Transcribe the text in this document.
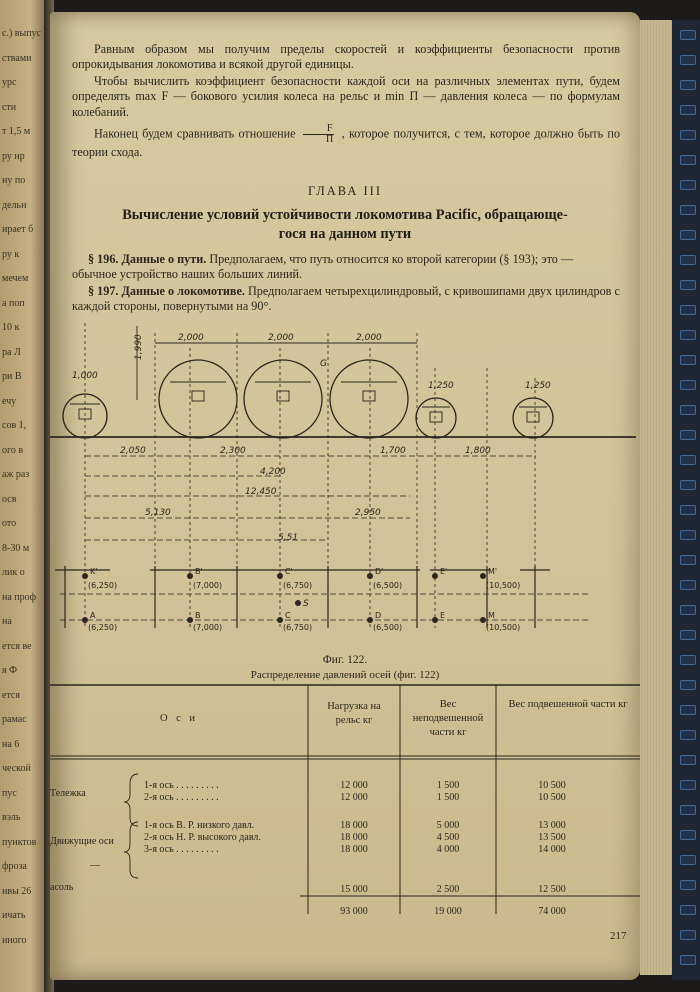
с.) выпус
ствами
урс
сти
т 1,5 м
ру нр
ну по
дельн
ирает б
ру к
мечем
а поп
10 к
ра Л
ри В
ечу
сов 1,
ого в
аж раз
осв
ото
8-30 м
лик о
на проф
на
ется ве
я Ф
ется
рамас
на 6
ческой
пус
вэль
пунктов
фроза
нвы 26
ичать
иного

Равным образом мы получим пределы скоростей и коэффициенты безопасности против опрокидывания локомотива и всякой другой единицы.

Чтобы вычислить коэффициент безопасности каждой оси на различных элементах пути, будем определять max F — бокового усилия колеса на рельс и min П — давления колеса — по формулам колебаний.

Наконец будем сравнивать отношение	F
П , которое получится, с тем, которое должно быть по теории схода.

ГЛАВА III
Вычисление условий устойчивости локомотива Pacific, обращающе-
гося на данном пути

§ 196. Данные о пути. Предполагаем, что путь относится ко второй категории (§ 193); это — обычное устройство наших больших линий.

§ 197. Данные о локомотиве. Предполагаем четырехцилиндровый, с кривошипами двух цилиндров с каждой стороны, повернутыми на 90°.

2,000	2,000	2,000
1,990
1,000
1,250	1,250
2,050	2,300	1,700	1,800
4,200
12,450
5,130	2,950
5,51
G
S
K'	B'	C'	D'	E'	M'
A	B	C	D	E	M
(6,250)	(7,000)	(6,750)	(6,500)	(10,500)
(6,250)	(7,000)	(6,750)	(6,500)	(10,500)
Фиг. 122.
Распределение давлений осей (фиг. 122)
О с и
Нагрузка на рельс кг
Вес неподвешенной части кг
Вес подвешенной части кг
Тележка
Движущие оси
—
асоль
1-я ось . . . . . . . . .	12 000	1 500	10 500
2-я ось . . . . . . . . .	12 000	1 500	10 500
1-я ось В. Р. низкого давл.	18 000	5 000	13 000
2-я ось Н. Р. высокого давл.	18 000	4 500	13 500
3-я ось . . . . . . . . .	18 000	4 000	14 000
15 000	2 500	12 500
93 000	19 000	74 000
217
